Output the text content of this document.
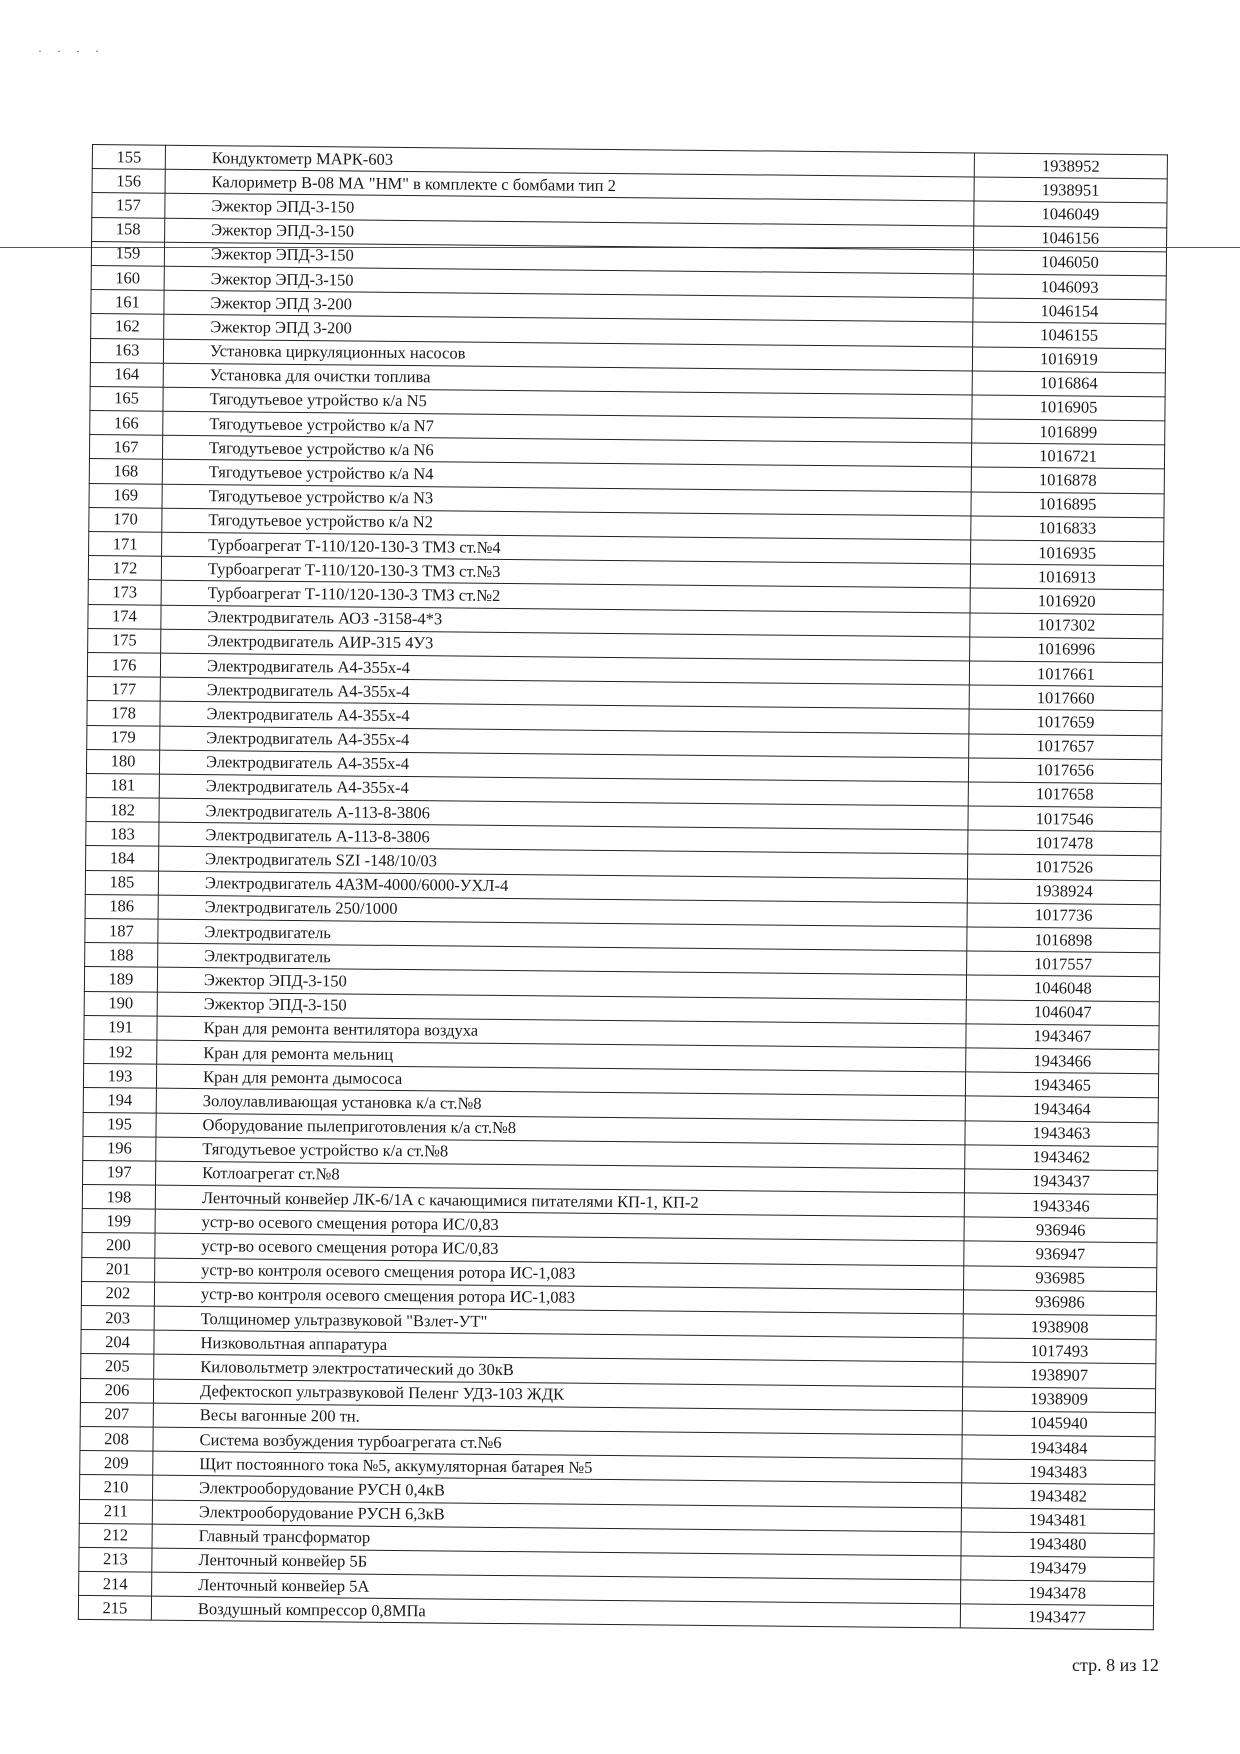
· · · ·
155	Кондуктометр МАРК-603	1938952
156	Калориметр В-08 МА "НМ" в комплекте с бомбами тип 2	1938951
157	Эжектор ЭПД-3-150	1046049
158	Эжектор ЭПД-3-150	1046156
159	Эжектор ЭПД-3-150	1046050
160	Эжектор ЭПД-3-150	1046093
161	Эжектор ЭПД 3-200	1046154
162	Эжектор ЭПД 3-200	1046155
163	Установка циркуляционных насосов	1016919
164	Установка для очистки топлива	1016864
165	Тягодутьевое утройство к/а N5	1016905
166	Тягодутьевое устройство к/а N7	1016899
167	Тягодутьевое устройство к/а N6	1016721
168	Тягодутьевое устройство к/а N4	1016878
169	Тягодутьевое устройство к/а N3	1016895
170	Тягодутьевое устройство к/а N2	1016833
171	Турбоагрегат Т-110/120-130-3 ТМЗ ст.№4	1016935
172	Турбоагрегат Т-110/120-130-3 ТМЗ ст.№3	1016913
173	Турбоагрегат Т-110/120-130-3 ТМЗ ст.№2	1016920
174	Электродвигатель АОЗ -3158-4*3	1017302
175	Электродвигатель АИР-315 4У3	1016996
176	Электродвигатель А4-355х-4	1017661
177	Электродвигатель А4-355х-4	1017660
178	Электродвигатель А4-355х-4	1017659
179	Электродвигатель А4-355х-4	1017657
180	Электродвигатель А4-355х-4	1017656
181	Электродвигатель А4-355х-4	1017658
182	Электродвигатель А-113-8-3806	1017546
183	Электродвигатель А-113-8-3806	1017478
184	Электродвигатель SZI -148/10/03	1017526
185	Электродвигатель 4АЗМ-4000/6000-УХЛ-4	1938924
186	Электродвигатель 250/1000	1017736
187	Электродвигатель	1016898
188	Электродвигатель	1017557
189	Эжектор ЭПД-3-150	1046048
190	Эжектор ЭПД-3-150	1046047
191	Кран для ремонта вентилятора воздуха	1943467
192	Кран для ремонта мельниц	1943466
193	Кран для ремонта дымососа	1943465
194	Золоулавливающая установка к/а ст.№8	1943464
195	Оборудование пылеприготовления к/а ст.№8	1943463
196	Тягодутьевое устройство к/а ст.№8	1943462
197	Котлоагрегат ст.№8	1943437
198	Ленточный конвейер ЛК-6/1А с качающимися питателями КП-1, КП-2	1943346
199	устр-во осевого смещения ротора ИС/0,83	936946
200	устр-во осевого смещения ротора ИС/0,83	936947
201	устр-во контроля осевого смещения ротора ИС-1,083	936985
202	устр-во контроля осевого смещения ротора ИС-1,083	936986
203	Толщиномер ультразвуковой "Взлет-УТ"	1938908
204	Низковольтная аппаратура	1017493
205	Киловольтметр электростатический до 30кВ	1938907
206	Дефектоскоп ультразвуковой Пеленг УДЗ-103 ЖДК	1938909
207	Весы вагонные 200 тн.	1045940
208	Система возбуждения турбоагрегата ст.№6	1943484
209	Щит постоянного тока №5, аккумуляторная батарея №5	1943483
210	Электрооборудование РУСН 0,4кВ	1943482
211	Электрооборудование РУСН 6,3кВ	1943481
212	Главный трансформатор	1943480
213	Ленточный конвейер 5Б	1943479
214	Ленточный конвейер 5А	1943478
215	Воздушный компрессор 0,8МПа	1943477
стр. 8 из 12
